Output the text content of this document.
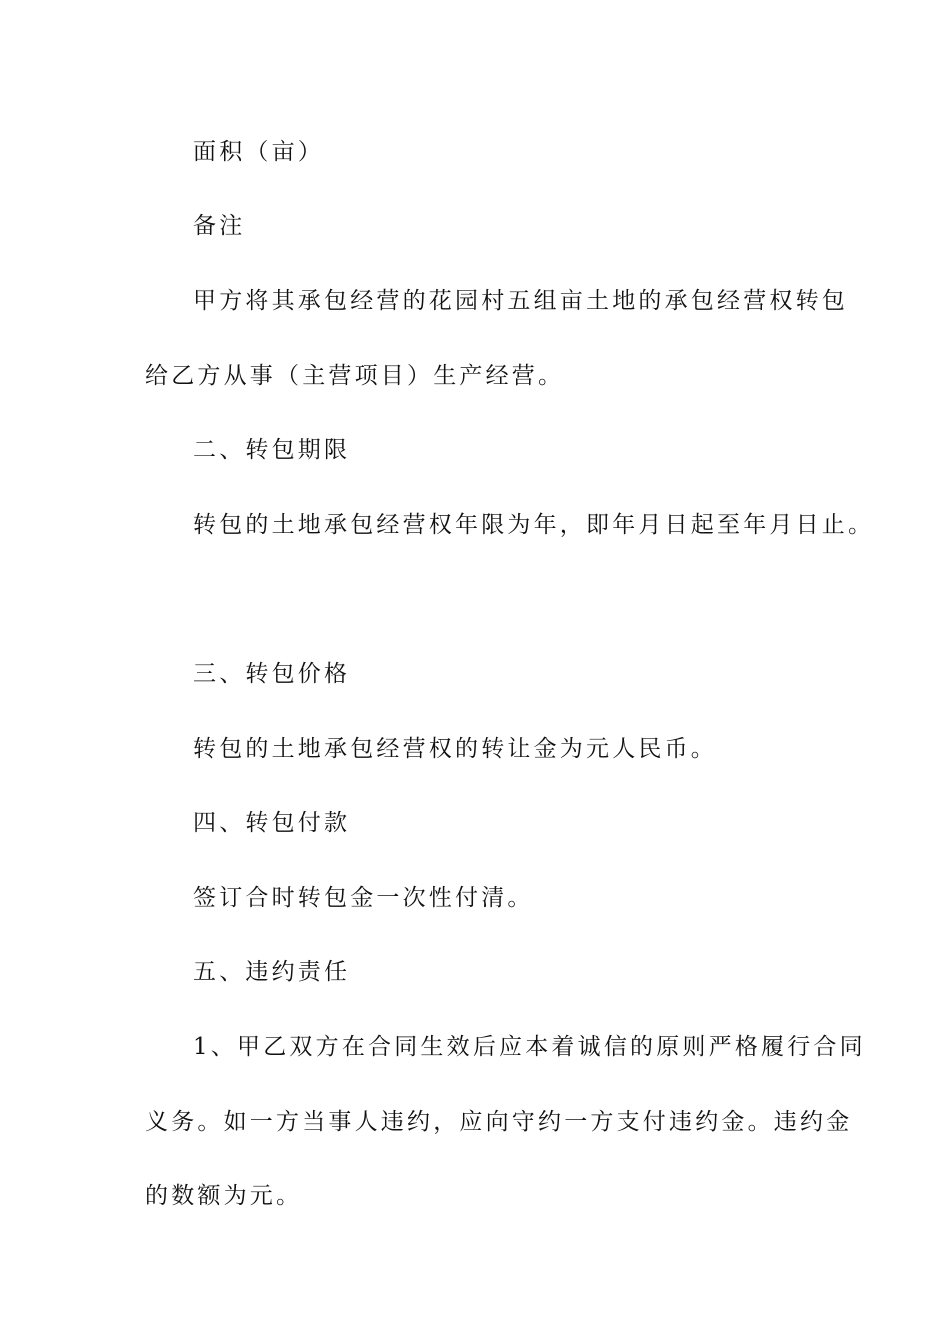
面积（亩）
备注
甲方将其承包经营的花园村五组亩土地的承包经营权转包
给乙方从事（主营项目）生产经营。
二、转包期限
转包的土地承包经营权年限为年，即年月日起至年月日止。
三、转包价格
转包的土地承包经营权的转让金为元人民币。
四、转包付款
签订合时转包金一次性付清。
五、违约责任
1、甲乙双方在合同生效后应本着诚信的原则严格履行合同
义务。如一方当事人违约，应向守约一方支付违约金。违约金
的数额为元。
